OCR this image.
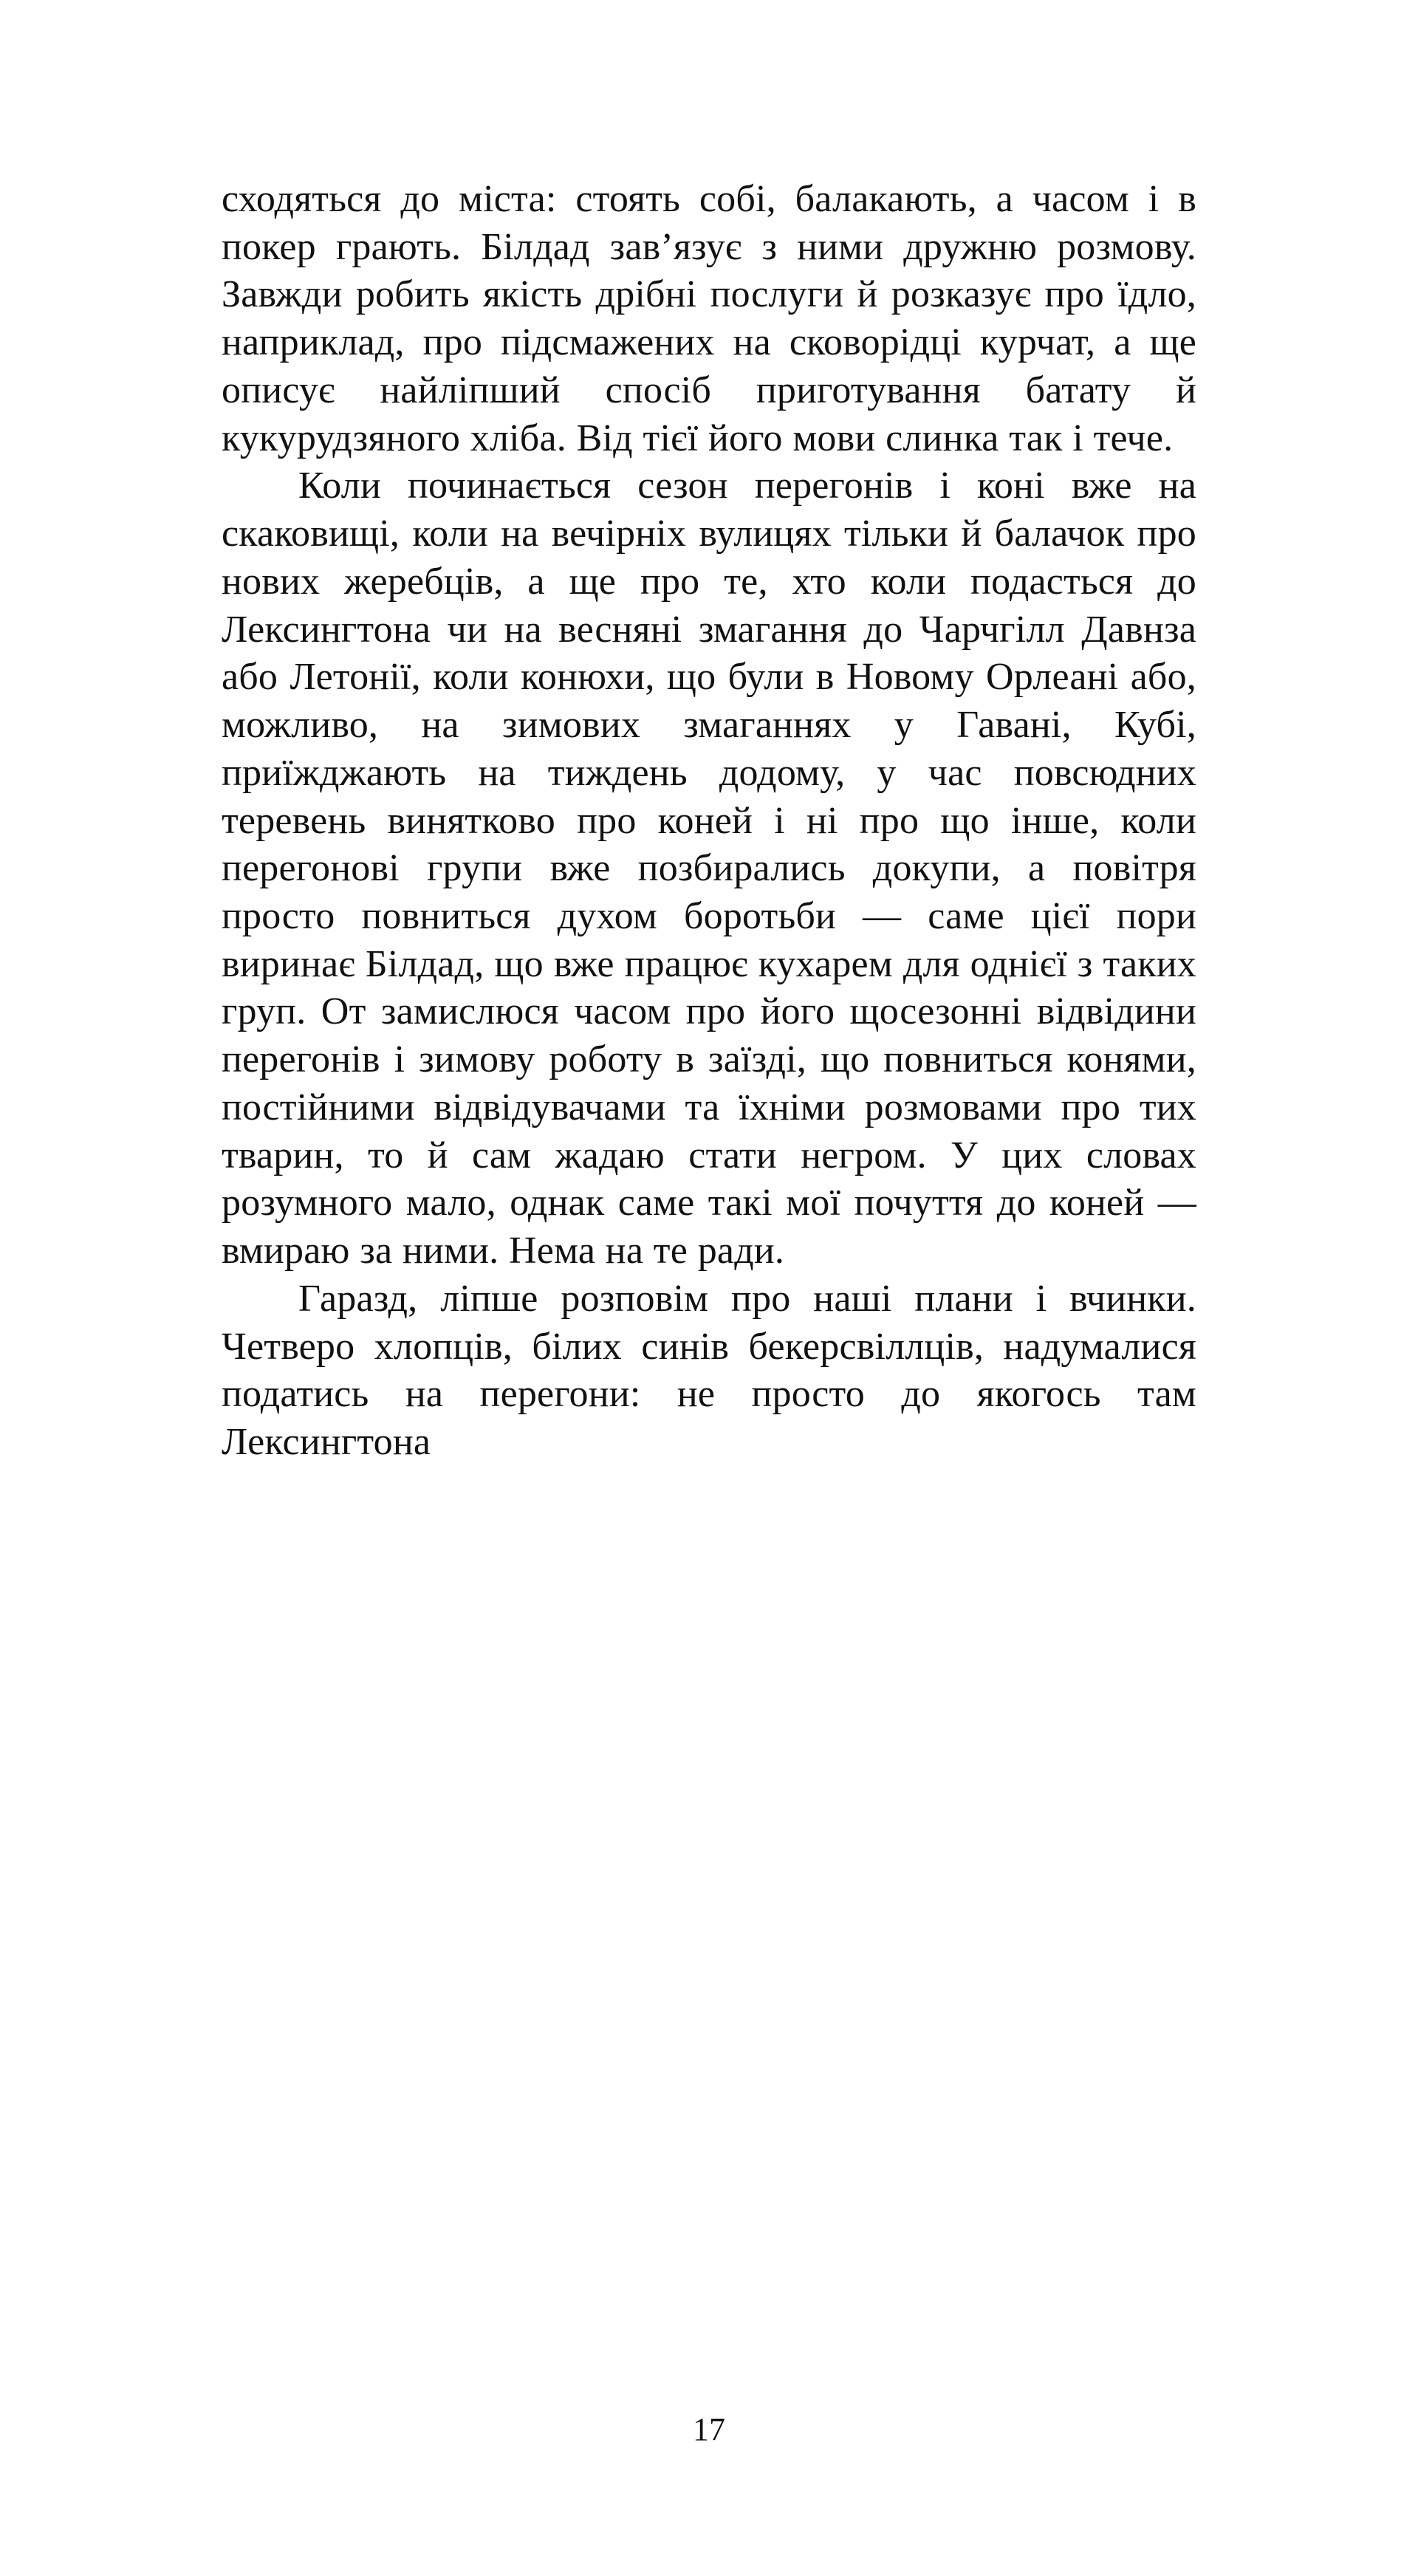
сходяться до міста: стоять собі, балакають, а часом і в покер грають. Білдад зав’язує з ними дружню розмову. Завжди робить якість дрібні послуги й розказує про їдло, наприклад, про підсмажених на сковорідці курчат, а ще описує найліпший спосіб приготування батату й кукурудзяного хліба. Від тієї його мови слинка так і тече.

Коли починається сезон перегонів і коні вже на скаковищі, коли на вечірніх вулицях тільки й балачок про нових жеребців, а ще про те, хто коли подасться до Лексингтона чи на весняні змагання до Чарчгілл Давнза або Летонії, коли конюхи, що були в Новому Орлеані або, можливо, на зимових змаганнях у Гавані, Кубі, приїжджають на тиждень додому, у час повсюдних теревень винятково про коней і ні про що інше, коли перегонові групи вже позбирались докупи, а повітря просто повниться духом боротьби — саме цієї пори виринає Білдад, що вже працює кухарем для однієї з таких груп. От замислюся часом про його щосезонні відвідини перегонів і зимову роботу в заїзді, що повниться конями, постійними відвідувачами та їхніми розмовами про тих тварин, то й сам жадаю стати негром. У цих словах розумного мало, однак саме такі мої почуття до коней — вмираю за ними. Нема на те ради.

Гаразд, ліпше розповім про наші плани і вчинки. Четверо хлопців, білих синів бекерсвіллців, надумалися податись на перегони: не просто до якогось там Лексингтона

17
